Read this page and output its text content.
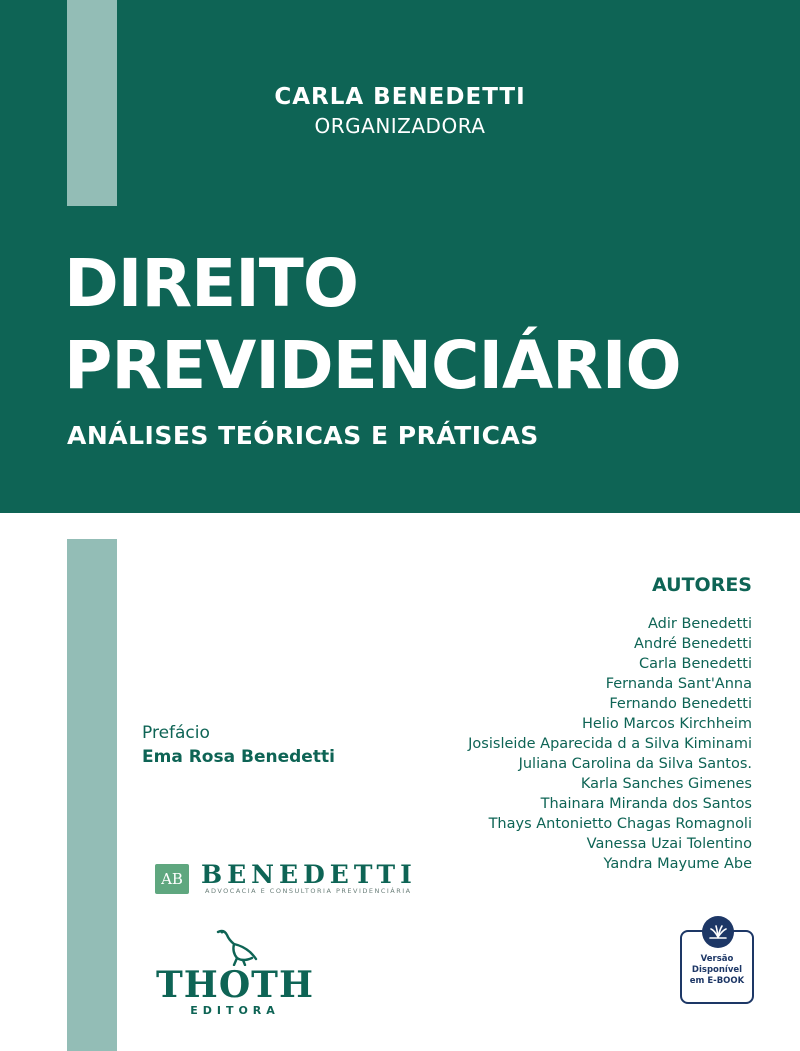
CARLA BENEDETTI
ORGANIZADORA
DIREITO
PREVIDENCIÁRIO
ANÁLISES TEÓRICAS E PRÁTICAS
AUTORES
Adir Benedetti
André Benedetti
Carla Benedetti
Fernanda Sant'Anna
Fernando Benedetti
Helio Marcos Kirchheim
Josisleide Aparecida d a Silva Kiminami
Juliana Carolina da Silva Santos.
Karla Sanches Gimenes
Thainara Miranda dos Santos
Thays Antonietto Chagas Romagnoli
Vanessa Uzai Tolentino
Yandra Mayume Abe
Prefácio
Ema Rosa Benedetti
AB BENEDETTI
ADVOCACIA E CONSULTORIA PREVIDENCIÁRIA
THOTH
EDITORA
Versão
Disponível
em E-BOOK
